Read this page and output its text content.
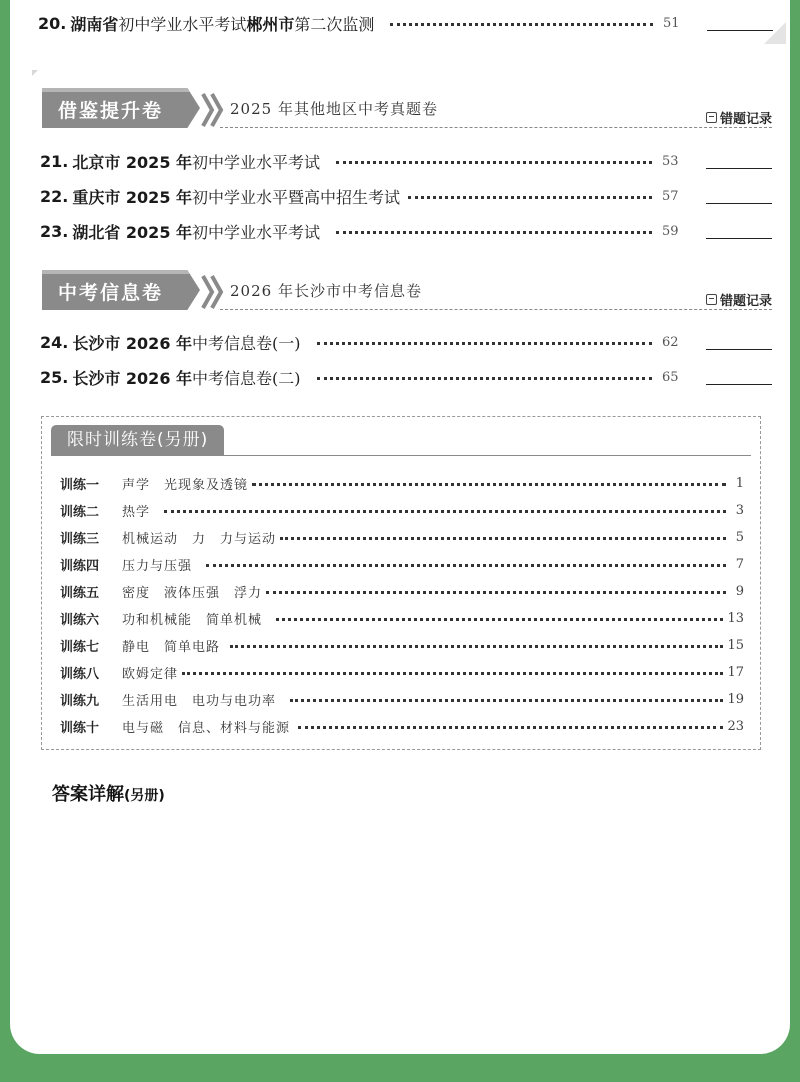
20. 湖南省 初中学业水平考试 郴州市 第二次监测	51
借鉴提升卷	2025 年其他地区中考真题卷
错题记录
21. 北京市 2025 年 初中学业水平考试	53
22. 重庆市 2025 年 初中学业水平暨高中招生考试	57
23. 湖北省 2025 年 初中学业水平考试	59
中考信息卷	2026 年长沙市中考信息卷
错题记录
24. 长沙市 2026 年 中考信息卷(一)	62
25. 长沙市 2026 年 中考信息卷(二)	65
限时训练卷(另册)
训练一	声学　光现象及透镜	1
训练二	热学	3
训练三	机械运动　力　力与运动	5
训练四	压力与压强	7
训练五	密度　液体压强　浮力	9
训练六	功和机械能　简单机械	13
训练七	静电　简单电路	15
训练八	欧姆定律	17
训练九	生活用电　电功与电功率	19
训练十	电与磁　信息、材料与能源	23
答案详解(另册)
